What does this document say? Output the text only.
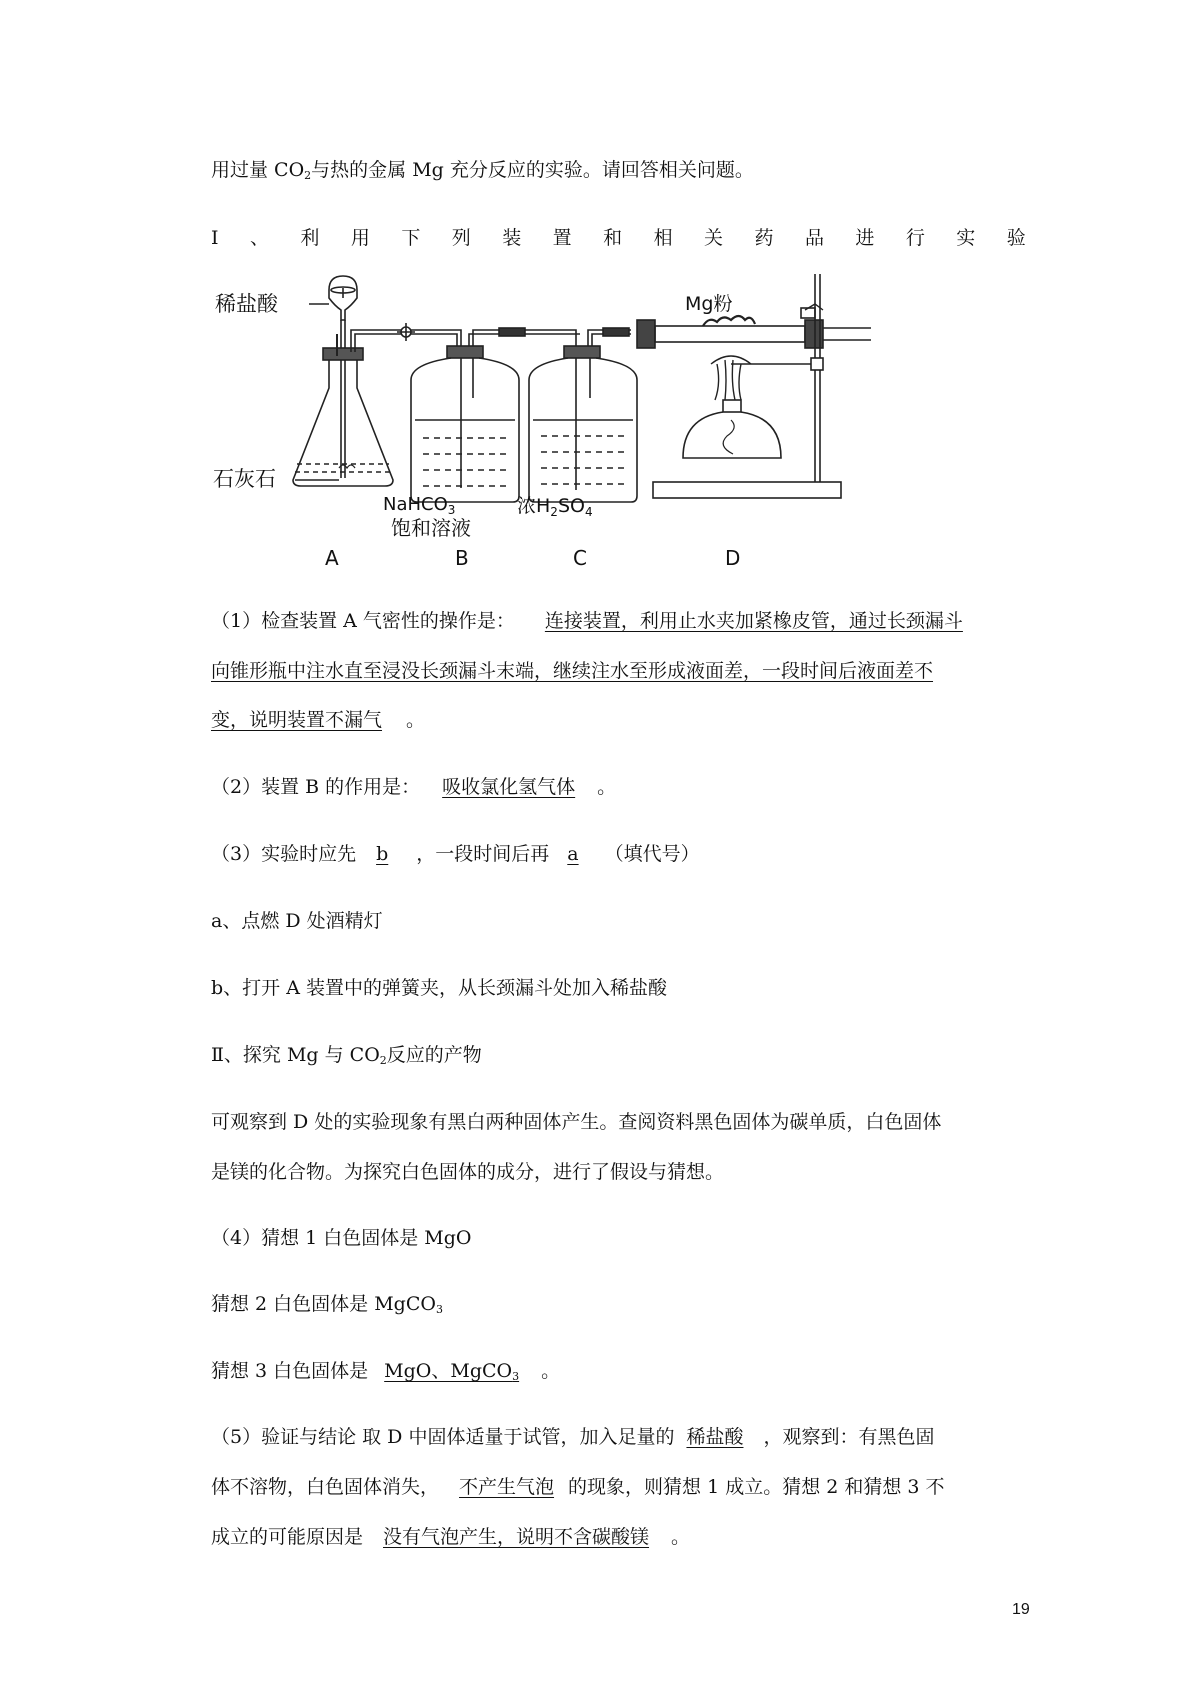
用过量 $CO_2$与热的金属 Mg 充分反应的实验。请回答相关问题。
I 、 利 用 下 列 装 置 和 相 关 药 品 进 行 实 验
稀盐酸
石灰石
Mg粉
NaHCO$_3$
饱和溶液
浓$H_2SO_4$
A	B	C	D
（1）检查装置 A 气密性的操作是： 连接装置，利用止水夹加紧橡皮管，通过长颈漏斗
向锥形瓶中注水直至浸没长颈漏斗末端，继续注水至形成液面差，一段时间后液面差不
变，说明装置不漏气 。
（2）装置 B 的作用是： 吸收氯化氢气体 。
（3）实验时应先 b ，一段时间后再 a （填代号）
a、点燃 D 处酒精灯
b、打开 A 装置中的弹簧夹，从长颈漏斗处加入稀盐酸
Ⅱ、探究 Mg 与 $CO_2$反应的产物
可观察到 D 处的实验现象有黑白两种固体产生。查阅资料黑色固体为碳单质，白色固体
是镁的化合物。为探究白色固体的成分，进行了假设与猜想。
（4）猜想 1 白色固体是 MgO
猜想 2 白色固体是 MgCO$_3$
猜想 3 白色固体是 MgO、MgCO$_3$ 。
（5）验证与结论 取 D 中固体适量于试管，加入足量的 稀盐酸 ，观察到：有黑色固
体不溶物，白色固体消失， 不产生气泡 的现象，则猜想 1 成立。猜想 2 和猜想 3 不
成立的可能原因是 没有气泡产生，说明不含碳酸镁 。
19
